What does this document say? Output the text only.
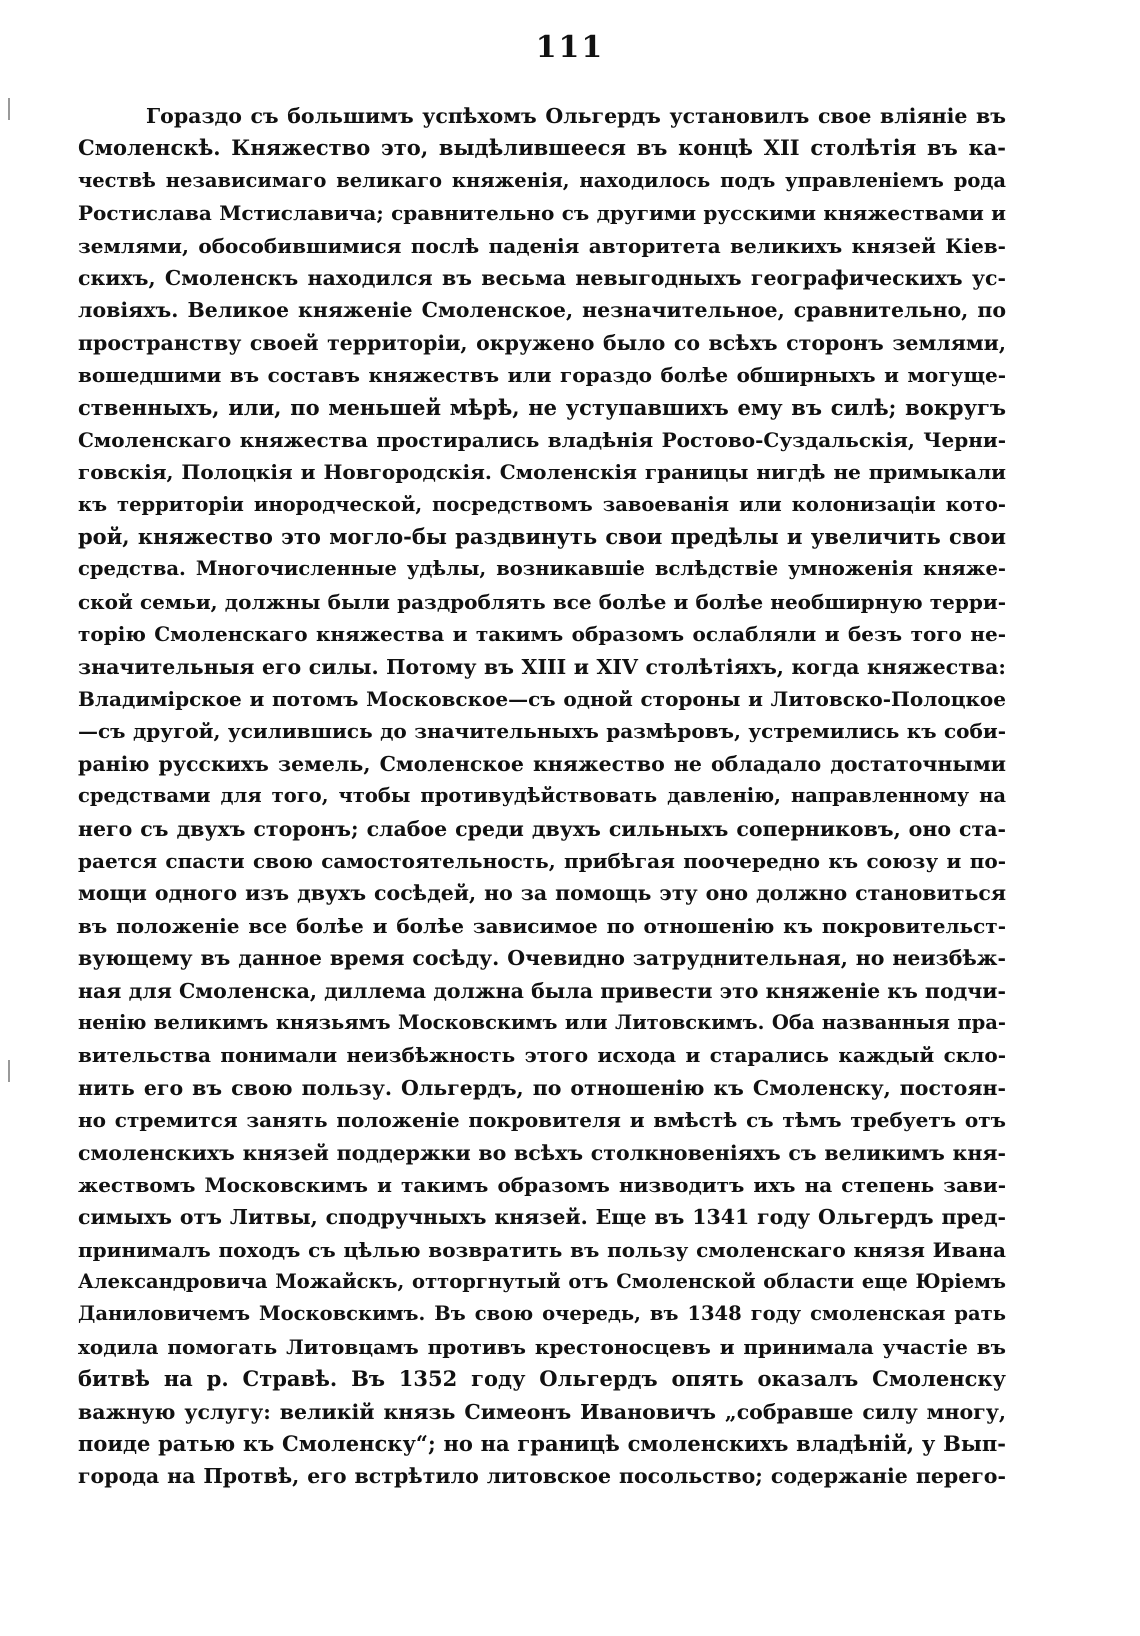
111
Гораздо съ большимъ успѣхомъ Ольгердъ установилъ свое вліяніе въ
Смоленскѣ. Княжество это, выдѣлившееся въ концѣ XII столѣтія въ ка-
чествѣ независимаго великаго княженія, находилось подъ управленіемъ рода
Ростислава Мстиславича; сравнительно съ другими русскими княжествами и
землями, обособившимися послѣ паденія авторитета великихъ князей Кіев-
скихъ, Смоленскъ находился въ весьма невыгодныхъ географическихъ ус-
ловіяхъ. Великое княженіе Смоленское, незначительное, сравнительно, по
пространству своей территоріи, окружено было со всѣхъ сторонъ землями,
вошедшими въ составъ княжествъ или гораздо болѣе обширныхъ и могуще-
ственныхъ, или, по меньшей мѣрѣ, не уступавшихъ ему въ силѣ; вокругъ
Смоленскаго княжества простирались владѣнія Ростово-Суздальскія, Черни-
говскія, Полоцкія и Новгородскія. Смоленскія границы нигдѣ не примыкали
къ территоріи инородческой, посредствомъ завоеванія или колонизаціи кото-
рой, княжество это могло-бы раздвинуть свои предѣлы и увеличить свои
средства. Многочисленные удѣлы, возникавшіе вслѣдствіе умноженія княже-
ской семьи, должны были раздроблять все болѣе и болѣе необширную терри-
торію Смоленскаго княжества и такимъ образомъ ослабляли и безъ того не-
значительныя его силы. Потому въ XIII и XIV столѣтіяхъ, когда княжества:
Владимірское и потомъ Московское—съ одной стороны и Литовско-Полоцкое
—съ другой, усилившись до значительныхъ размѣровъ, устремились къ соби-
ранію русскихъ земель, Смоленское княжество не обладало достаточными
средствами для того, чтобы противудѣйствовать давленію, направленному на
него съ двухъ сторонъ; слабое среди двухъ сильныхъ соперниковъ, оно ста-
рается спасти свою самостоятельность, прибѣгая поочередно къ союзу и по-
мощи одного изъ двухъ сосѣдей, но за помощь эту оно должно становиться
въ положеніе все болѣе и болѣе зависимое по отношенію къ покровительст-
вующему въ данное время сосѣду. Очевидно затруднительная, но неизбѣж-
ная для Смоленска, диллема должна была привести это княженіе къ подчи-
ненію великимъ князьямъ Московскимъ или Литовскимъ. Оба названныя пра-
вительства понимали неизбѣжность этого исхода и старались каждый скло-
нить его въ свою пользу. Ольгердъ, по отношенію къ Смоленску, постоян-
но стремится занять положеніе покровителя и вмѣстѣ съ тѣмъ требуетъ отъ
смоленскихъ князей поддержки во всѣхъ столкновеніяхъ съ великимъ кня-
жествомъ Московскимъ и такимъ образомъ низводитъ ихъ на степень зави-
симыхъ отъ Литвы, сподручныхъ князей. Еще въ 1341 году Ольгердъ пред-
принималъ походъ съ цѣлью возвратить въ пользу смоленскаго князя Ивана
Александровича Можайскъ, отторгнутый отъ Смоленской области еще Юріемъ
Даниловичемъ Московскимъ. Въ свою очередь, въ 1348 году смоленская рать
ходила помогать Литовцамъ противъ крестоносцевъ и принимала участіе въ
битвѣ на р. Стравѣ. Въ 1352 году Ольгердъ опять оказалъ Смоленску
важную услугу: великій князь Симеонъ Ивановичъ „собравше силу многу,
поиде ратью къ Смоленску“; но на границѣ смоленскихъ владѣній, у Вып-
города на Протвѣ, его встрѣтило литовское посольство; содержаніе перего-
